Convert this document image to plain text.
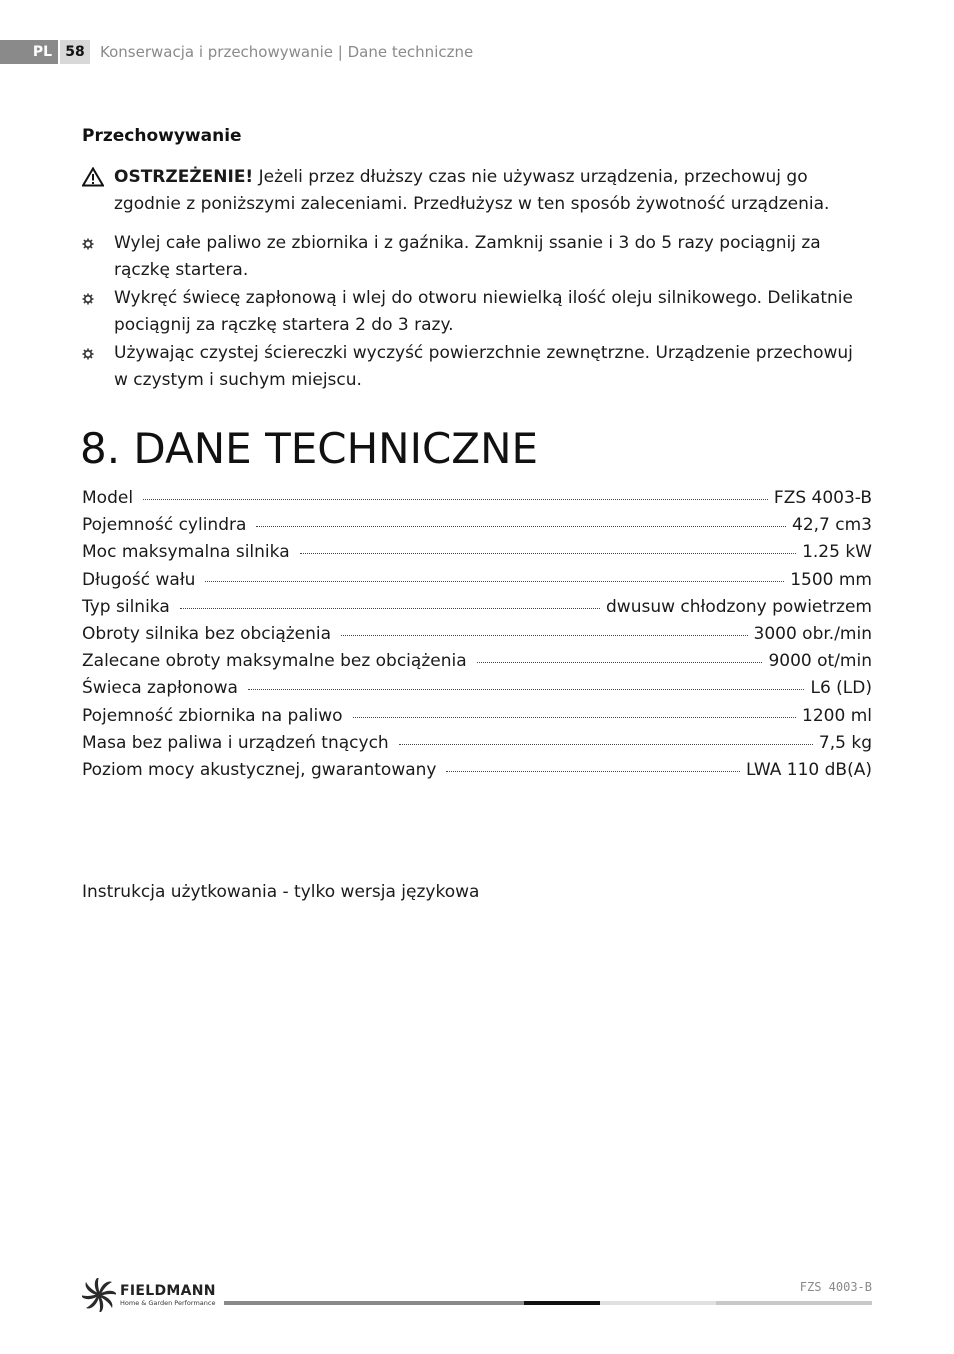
PL 58	Konserwacja i przechowywanie | Dane techniczne
Przechowywanie
OSTRZEŻENIE! Jeżeli przez dłuższy czas nie używasz urządzenia, przechowuj go zgodnie z poniższymi zaleceniami. Przedłużysz w ten sposób żywotność urządzenia.
Wylej całe paliwo ze zbiornika i z gaźnika. Zamknij ssanie i 3 do 5 razy pociągnij za rączkę startera.
Wykręć świecę zapłonową i wlej do otworu niewielką ilość oleju silnikowego. Delikatnie pociągnij za rączkę startera 2 do 3 razy.
Używając czystej ściereczki wyczyść powierzchnie zewnętrzne. Urządzenie przechowuj w czystym i suchym miejscu.
8. DANE TECHNICZNE
Model	FZS 4003-B
Pojemność cylindra	42,7 cm3
Moc maksymalna silnika	1.25 kW
Długość wału	1500 mm
Typ silnika	dwusuw chłodzony powietrzem
Obroty silnika bez obciążenia	3000 obr./min
Zalecane obroty maksymalne bez obciążenia	9000 ot/min
Świeca zapłonowa	L6 (LD)
Pojemność zbiornika na paliwo	1200 ml
Masa bez paliwa i urządzeń tnących	7,5 kg
Poziom mocy akustycznej, gwarantowany	LWA 110 dB(A)
Instrukcja użytkowania - tylko wersja językowa
FIELDMANN
Home & Garden Performance
FZS 4003-B
